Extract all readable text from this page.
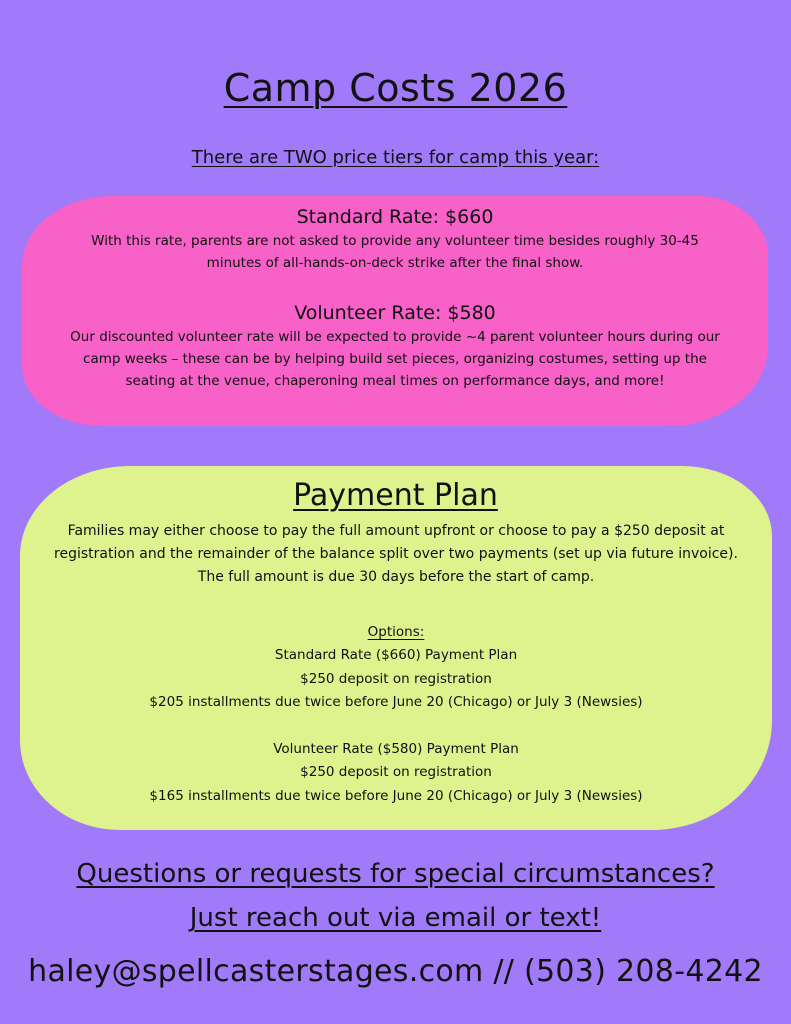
Camp Costs 2026
There are TWO price tiers for camp this year:
Standard Rate: $660
With this rate, parents are not asked to provide any volunteer time besides roughly 30-45
minutes of all-hands-on-deck strike after the final show.
Volunteer Rate: $580
Our discounted volunteer rate will be expected to provide ~4 parent volunteer hours during our
camp weeks – these can be by helping build set pieces, organizing costumes, setting up the
seating at the venue, chaperoning meal times on performance days, and more!
Payment Plan
Families may either choose to pay the full amount upfront or choose to pay a $250 deposit at
registration and the remainder of the balance split over two payments (set up via future invoice).
The full amount is due 30 days before the start of camp.
Options:
Standard Rate ($660) Payment Plan
$250 deposit on registration
$205 installments due twice before June 20 (Chicago) or July 3 (Newsies)
Volunteer Rate ($580) Payment Plan
$250 deposit on registration
$165 installments due twice before June 20 (Chicago) or July 3 (Newsies)
Questions or requests for special circumstances?
Just reach out via email or text!
haley@spellcasterstages.com // (503) 208-4242
